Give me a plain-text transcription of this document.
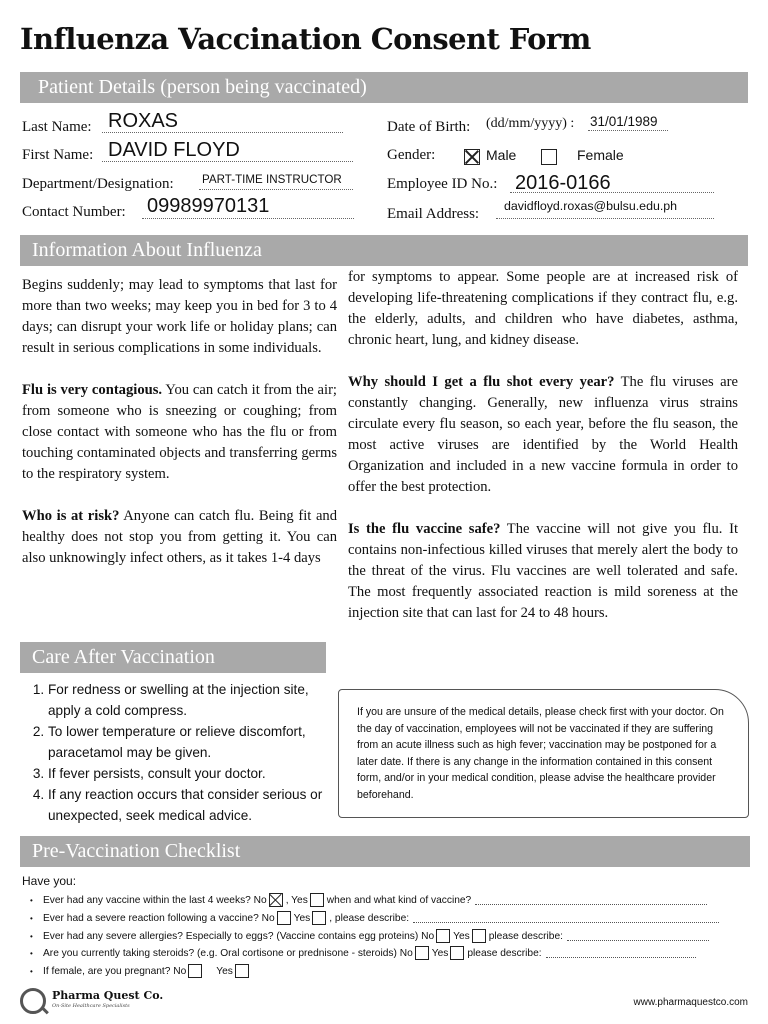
Influenza Vaccination Consent Form
Patient Details (person being vaccinated)
Last Name: ROXAS
First Name: DAVID FLOYD
Department/Designation: PART-TIME INSTRUCTOR
Contact Number: 09989970131
Date of Birth: (dd/mm/yyyy) : 31/01/1989
Gender:	Male	Female
Employee ID No.: 2016-0166
Email Address: davidfloyd.roxas@bulsu.edu.ph
Information About Influenza

Begins suddenly; may lead to symptoms that last for more than two weeks; may keep you in bed for 3 to 4 days; can disrupt your work life or holiday plans; can result in serious complications in some individuals.

Flu is very contagious. You can catch it from the air; from someone who is sneezing or coughing; from close contact with someone who has the flu or from touching contaminated objects and transferring germs to the respiratory system.

Who is at risk? Anyone can catch flu. Being fit and healthy does not stop you from getting it. You can also unknowingly infect others, as it takes 1-4 days

for symptoms to appear. Some people are at increased risk of developing life-threatening complications if they contract flu, e.g. the elderly, adults, and children who have diabetes, asthma, chronic heart, lung, and kidney disease.

Why should I get a flu shot every year? The flu viruses are constantly changing. Generally, new influenza virus strains circulate every flu season, so each year, before the flu season, the most active viruses are identified by the World Health Organization and included in a new vaccine formula in order to offer the best protection.

Is the flu vaccine safe? The vaccine will not give you flu. It contains non-infectious killed viruses that merely alert the body to the threat of the virus. Flu vaccines are well tolerated and safe. The most frequently associated reaction is mild soreness at the injection site that can last for 24 to 48 hours.

Care After Vaccination
1. For redness or swelling at the injection site, apply a cold compress.
2. To lower temperature or relieve discomfort, paracetamol may be given.
3. If fever persists, consult your doctor.
4. If any reaction occurs that consider serious or unexpected, seek medical advice.
If you are unsure of the medical details, please check first with your doctor. On the day of vaccination, employees will not be vaccinated if they are suffering from an acute illness such as high fever; vaccination may be postponed for a later date. If there is any change in the information contained in this consent form, and/or in your medical condition, please advise the healthcare provider beforehand.
Pre-Vaccination Checklist
Have you:
• Ever had any vaccine within the last 4 weeks? No , Yes when and what kind of vaccine?
• Ever had a severe reaction following a vaccine? No Yes , please describe:
• Ever had any severe allergies? Especially to eggs? (Vaccine contains egg proteins) No Yes please describe:
• Are you currently taking steroids? (e.g. Oral cortisone or prednisone - steroids) No Yes please describe:
• If female, are you pregnant? No	Yes
Pharma Quest Co.
On-Site Healthcare Specialists	www.pharmaquestco.com
